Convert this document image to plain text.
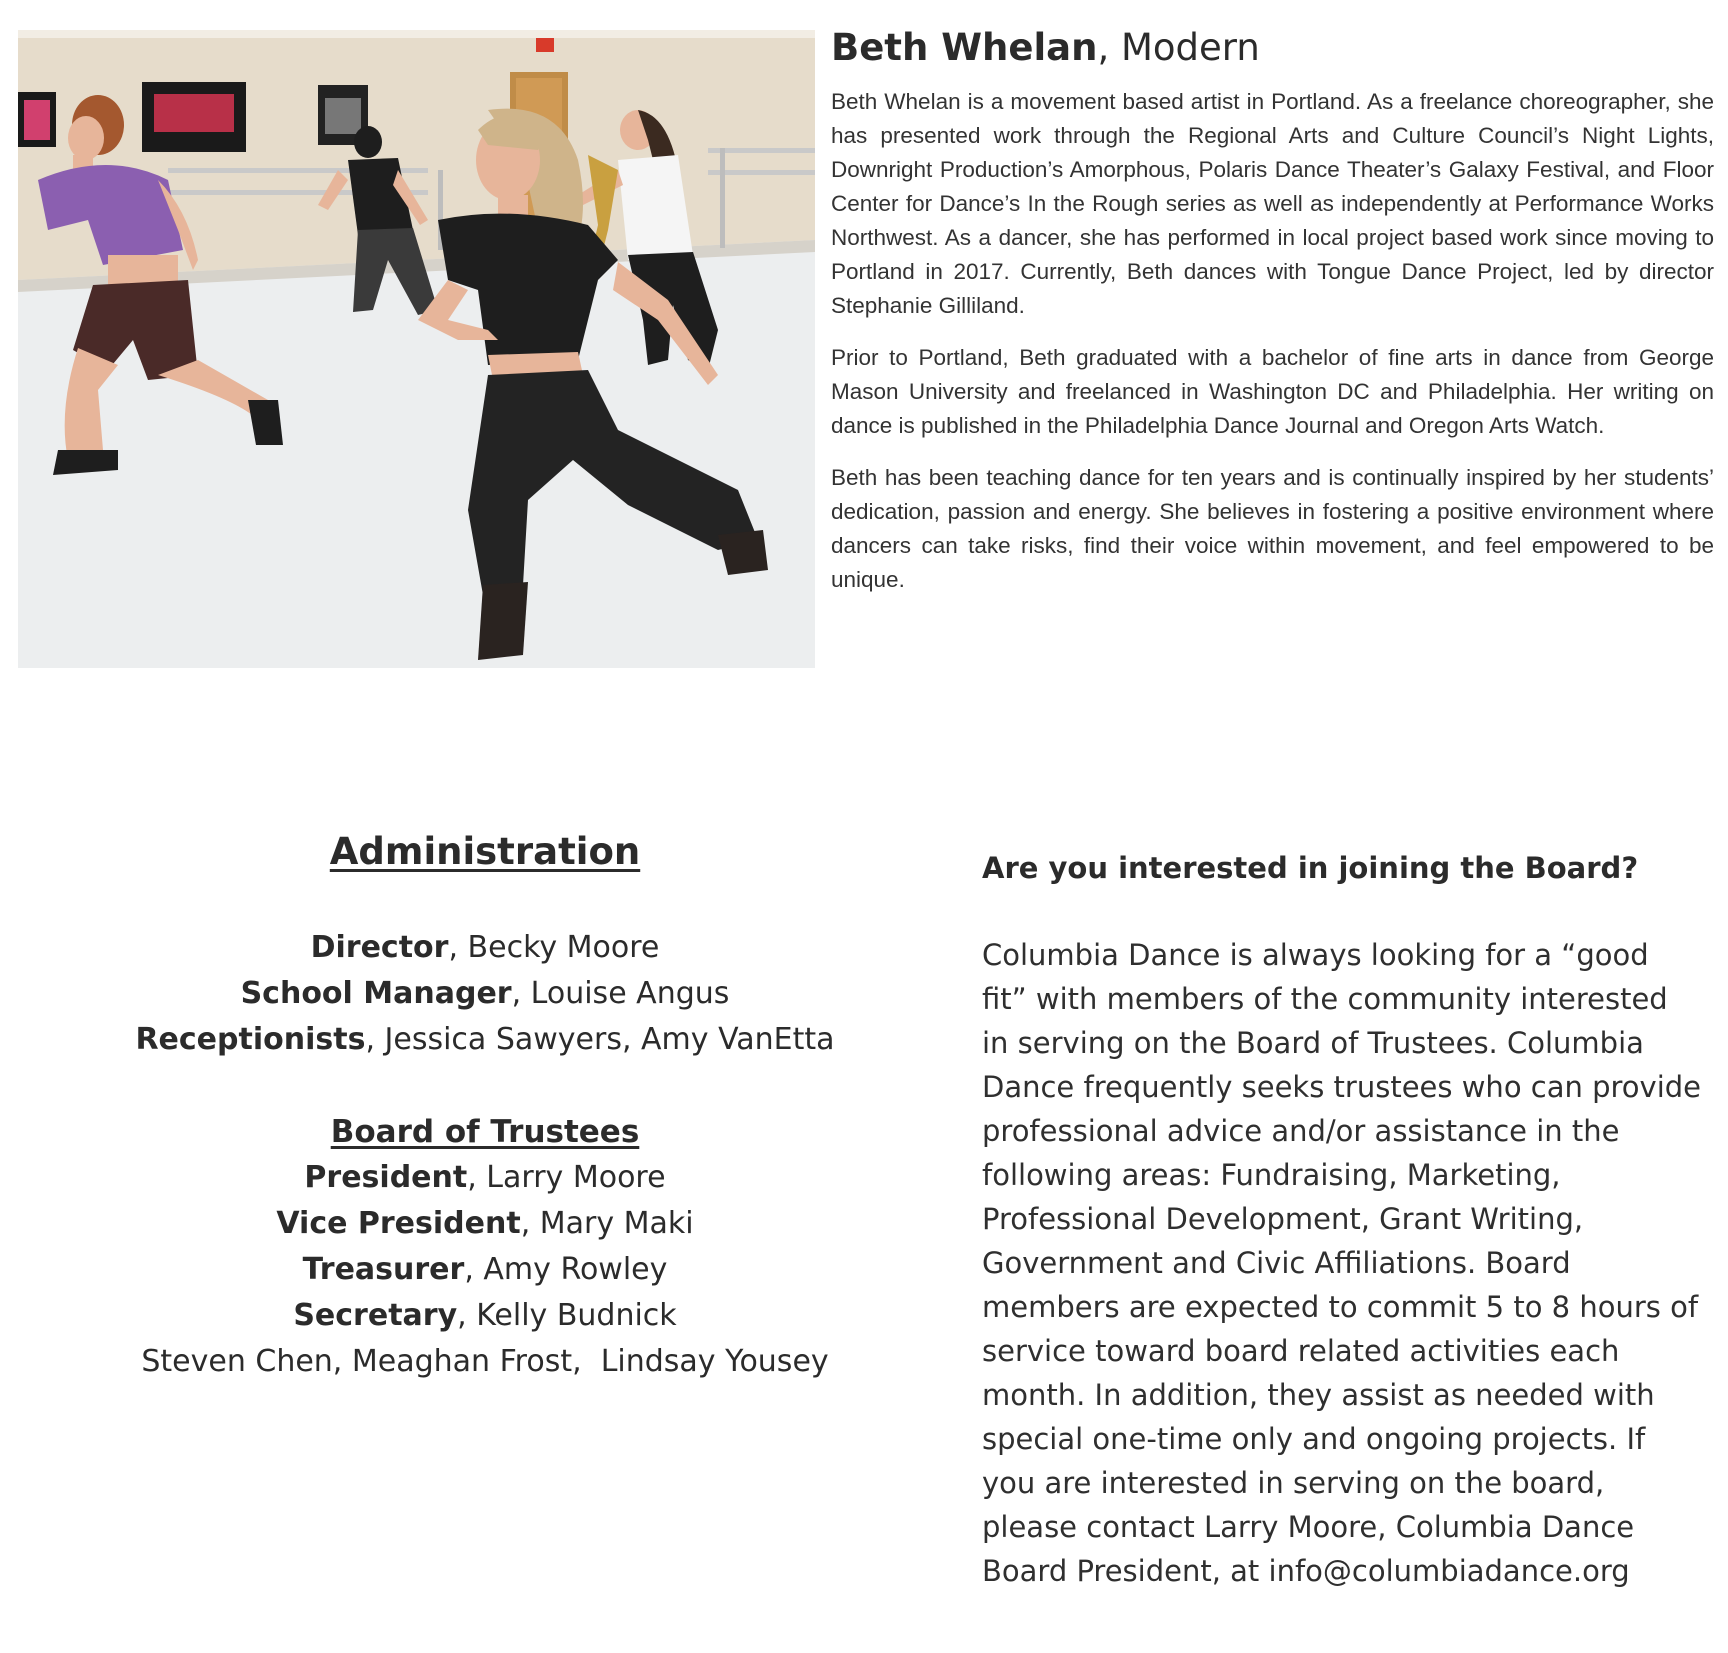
Beth Whelan, Modern

Beth Whelan is a movement based artist in Portland. As a freelance choreographer, she has presented work through the Regional Arts and Culture Council’s Night Lights, Downright Production’s Amorphous, Polaris Dance Theater’s Galaxy Festival, and Floor Center for Dance’s In the Rough series as well as independently at Performance Works Northwest. As a dancer, she has performed in local project based work since moving to Portland in 2017. Currently, Beth dances with Tongue Dance Project, led by director Stephanie Gilliland.

Prior to Portland, Beth graduated with a bachelor of fine arts in dance from George Mason University and freelanced in Washington DC and Philadelphia. Her writing on dance is published in the Philadelphia Dance Journal and Oregon Arts Watch.

Beth has been teaching dance for ten years and is continually inspired by her students’ dedication, passion and energy. She believes in fostering a positive environment where dancers can take risks, find their voice within movement, and feel empowered to be unique.

Administration
Director, Becky Moore
School Manager, Louise Angus
Receptionists, Jessica Sawyers, Amy VanEtta
Board of Trustees
President, Larry Moore
Vice President, Mary Maki
Treasurer, Amy Rowley
Secretary, Kelly Budnick
Steven Chen, Meaghan Frost,  Lindsay Yousey
Are you interested in joining the Board?

Columbia Dance is always looking for a “good fit” with members of the community interested in serving on the Board of Trustees. Columbia Dance frequently seeks trustees who can provide professional advice and/or assistance in the following areas: Fundraising, Marketing, Professional Development, Grant Writing, Government and Civic Affiliations. Board members are expected to commit 5 to 8 hours of service toward board related activities each month. In addition, they assist as needed with special one-time only and ongoing projects. If you are interested in serving on the board, please contact Larry Moore, Columbia Dance Board President, at info@columbiadance.org
